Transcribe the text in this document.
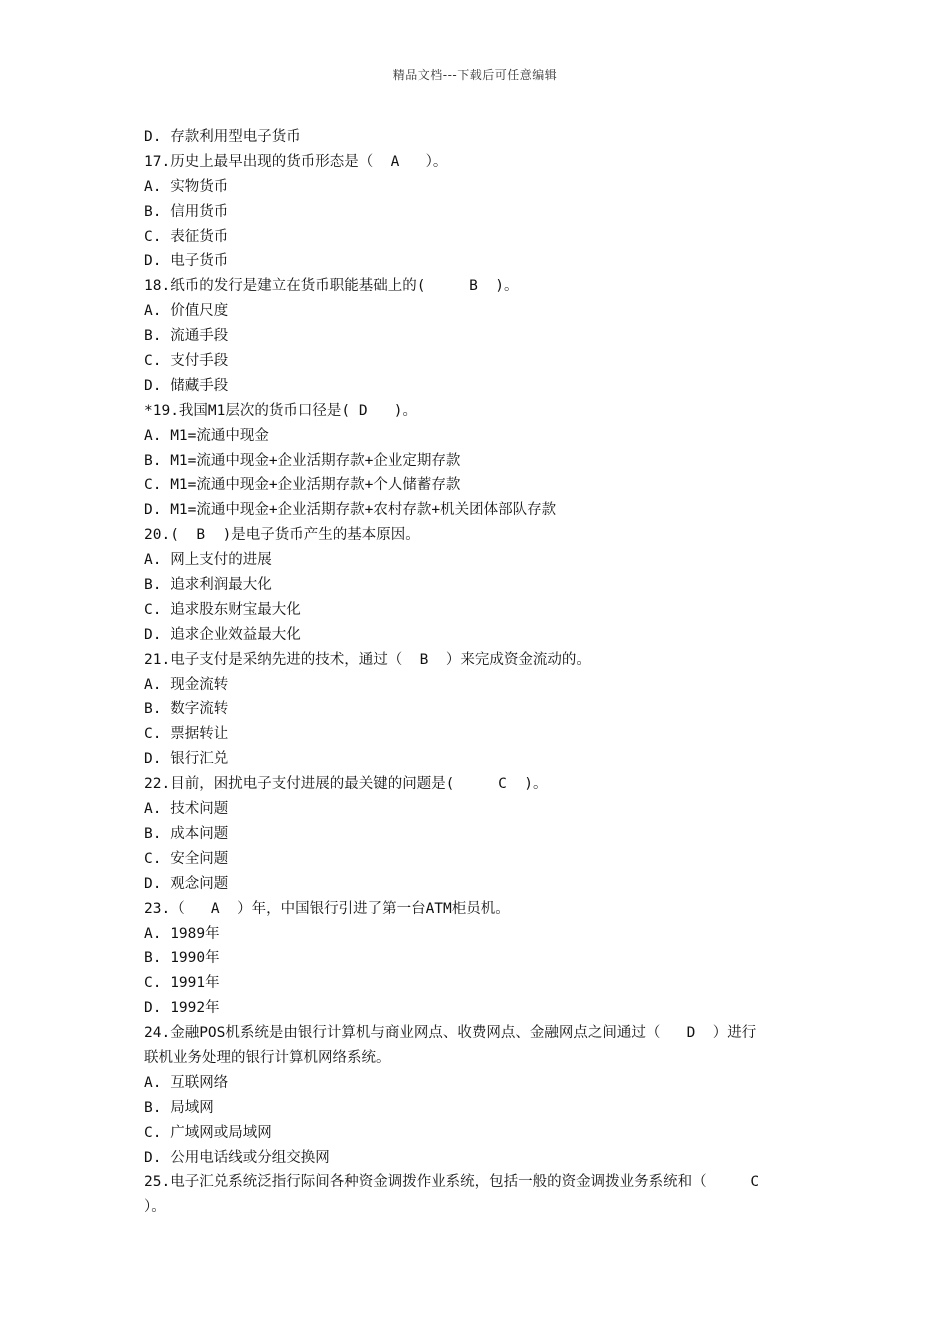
精品文档---下载后可任意编辑
D. 存款利用型电子货币
17.历史上最早出现的货币形态是（  A   ）。
A. 实物货币
B. 信用货币
C. 表征货币
D. 电子货币
18.纸币的发行是建立在货币职能基础上的(     B  )。
A. 价值尺度
B. 流通手段
C. 支付手段
D. 储藏手段
*19.我国M1层次的货币口径是( D   )。
A. M1=流通中现金
B. M1=流通中现金+企业活期存款+企业定期存款
C. M1=流通中现金+企业活期存款+个人储蓄存款
D. M1=流通中现金+企业活期存款+农村存款+机关团体部队存款
20.(  B  )是电子货币产生的基本原因。
A. 网上支付的进展
B. 追求利润最大化
C. 追求股东财宝最大化
D. 追求企业效益最大化
21.电子支付是采纳先进的技术，通过（  B  ）来完成资金流动的。
A. 现金流转
B. 数字流转
C. 票据转让
D. 银行汇兑
22.目前，困扰电子支付进展的最关键的问题是(     C  )。
A. 技术问题
B. 成本问题
C. 安全问题
D. 观念问题
23.（   A  ）年，中国银行引进了第一台ATM柜员机。
A. 1989年
B. 1990年
C. 1991年
D. 1992年
24.金融POS机系统是由银行计算机与商业网点、收费网点、金融网点之间通过（   D  ）进行
联机业务处理的银行计算机网络系统。
A. 互联网络
B. 局域网
C. 广域网或局域网
D. 公用电话线或分组交换网
25.电子汇兑系统泛指行际间各种资金调拨作业系统，包括一般的资金调拨业务系统和（     C
）。
